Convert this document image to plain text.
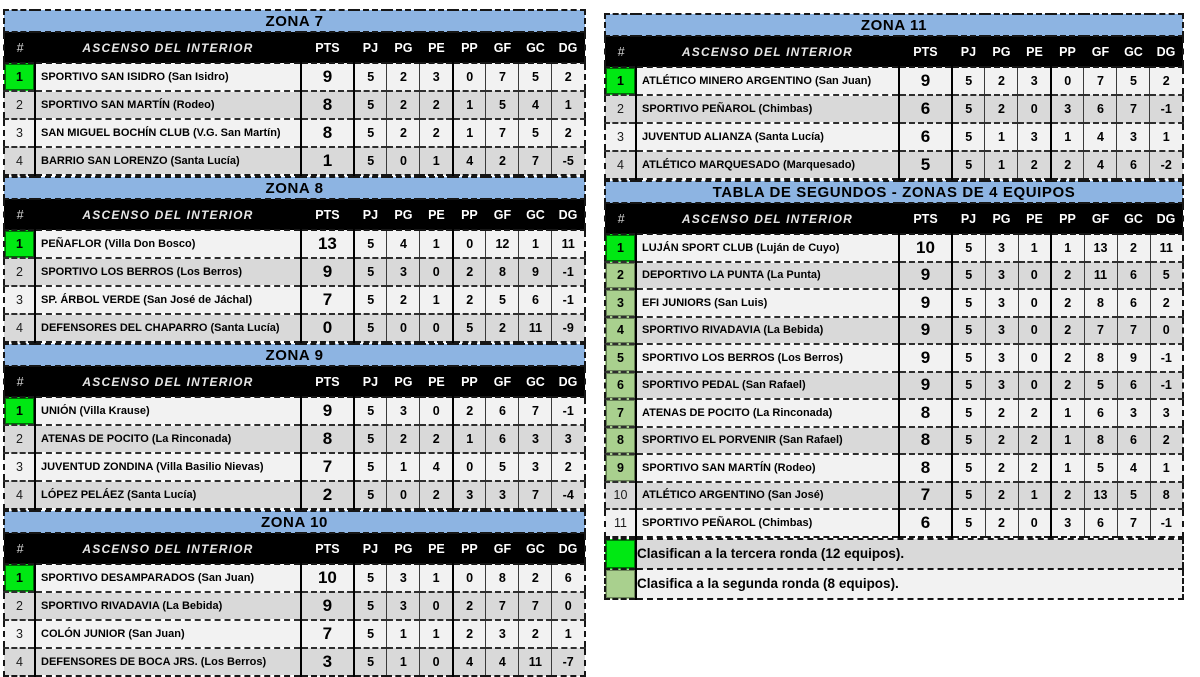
ZONA 7									
#	ASCENSO DEL INTERIOR	PTS	PJ	PG	PE	PP	GF	GC	DG
1	SPORTIVO SAN ISIDRO (San Isidro)	9	5	2	3	0	7	5	2
2	SPORTIVO SAN MARTÍN (Rodeo)	8	5	2	2	1	5	4	1
3	SAN MIGUEL BOCHÍN CLUB (V.G. San Martín)	8	5	2	2	1	7	5	2
4	BARRIO SAN LORENZO (Santa Lucía)	1	5	0	1	4	2	7	-5
ZONA 8									
#	ASCENSO DEL INTERIOR	PTS	PJ	PG	PE	PP	GF	GC	DG
1	PEÑAFLOR (Villa Don Bosco)	13	5	4	1	0	12	1	11
2	SPORTIVO LOS BERROS (Los Berros)	9	5	3	0	2	8	9	-1
3	SP. ÁRBOL VERDE (San José de Jáchal)	7	5	2	1	2	5	6	-1
4	DEFENSORES DEL CHAPARRO (Santa Lucía)	0	5	0	0	5	2	11	-9
ZONA 9									
#	ASCENSO DEL INTERIOR	PTS	PJ	PG	PE	PP	GF	GC	DG
1	UNIÓN (Villa Krause)	9	5	3	0	2	6	7	-1
2	ATENAS DE POCITO (La Rinconada)	8	5	2	2	1	6	3	3
3	JUVENTUD ZONDINA (Villa Basilio Nievas)	7	5	1	4	0	5	3	2
4	LÓPEZ PELÁEZ (Santa Lucía)	2	5	0	2	3	3	7	-4
ZONA 10									
#	ASCENSO DEL INTERIOR	PTS	PJ	PG	PE	PP	GF	GC	DG
1	SPORTIVO DESAMPARADOS (San Juan)	10	5	3	1	0	8	2	6
2	SPORTIVO RIVADAVIA (La Bebida)	9	5	3	0	2	7	7	0
3	COLÓN JUNIOR (San Juan)	7	5	1	1	2	3	2	1
4	DEFENSORES DE BOCA JRS. (Los Berros)	3	5	1	0	4	4	11	-7
ZONA 11									
#	ASCENSO DEL INTERIOR	PTS	PJ	PG	PE	PP	GF	GC	DG
1	ATLÉTICO MINERO ARGENTINO (San Juan)	9	5	2	3	0	7	5	2
2	SPORTIVO PEÑAROL (Chimbas)	6	5	2	0	3	6	7	-1
3	JUVENTUD ALIANZA (Santa Lucía)	6	5	1	3	1	4	3	1
4	ATLÉTICO MARQUESADO (Marquesado)	5	5	1	2	2	4	6	-2
TABLA DE SEGUNDOS - ZONAS DE 4 EQUIPOS									
#	ASCENSO DEL INTERIOR	PTS	PJ	PG	PE	PP	GF	GC	DG
1	LUJÁN SPORT CLUB (Luján de Cuyo)	10	5	3	1	1	13	2	11
2	DEPORTIVO LA PUNTA (La Punta)	9	5	3	0	2	11	6	5
3	EFI JUNIORS (San Luis)	9	5	3	0	2	8	6	2
4	SPORTIVO RIVADAVIA (La Bebida)	9	5	3	0	2	7	7	0
5	SPORTIVO LOS BERROS (Los Berros)	9	5	3	0	2	8	9	-1
6	SPORTIVO PEDAL (San Rafael)	9	5	3	0	2	5	6	-1
7	ATENAS DE POCITO (La Rinconada)	8	5	2	2	1	6	3	3
8	SPORTIVO EL PORVENIR (San Rafael)	8	5	2	2	1	8	6	2
9	SPORTIVO SAN MARTÍN (Rodeo)	8	5	2	2	1	5	4	1
10	ATLÉTICO ARGENTINO (San José)	7	5	2	1	2	13	5	8
11	SPORTIVO PEÑAROL (Chimbas)	6	5	2	0	3	6	7	-1
	Clasifican a la tercera ronda (12 equipos).
	Clasifica a la segunda ronda (8 equipos).
